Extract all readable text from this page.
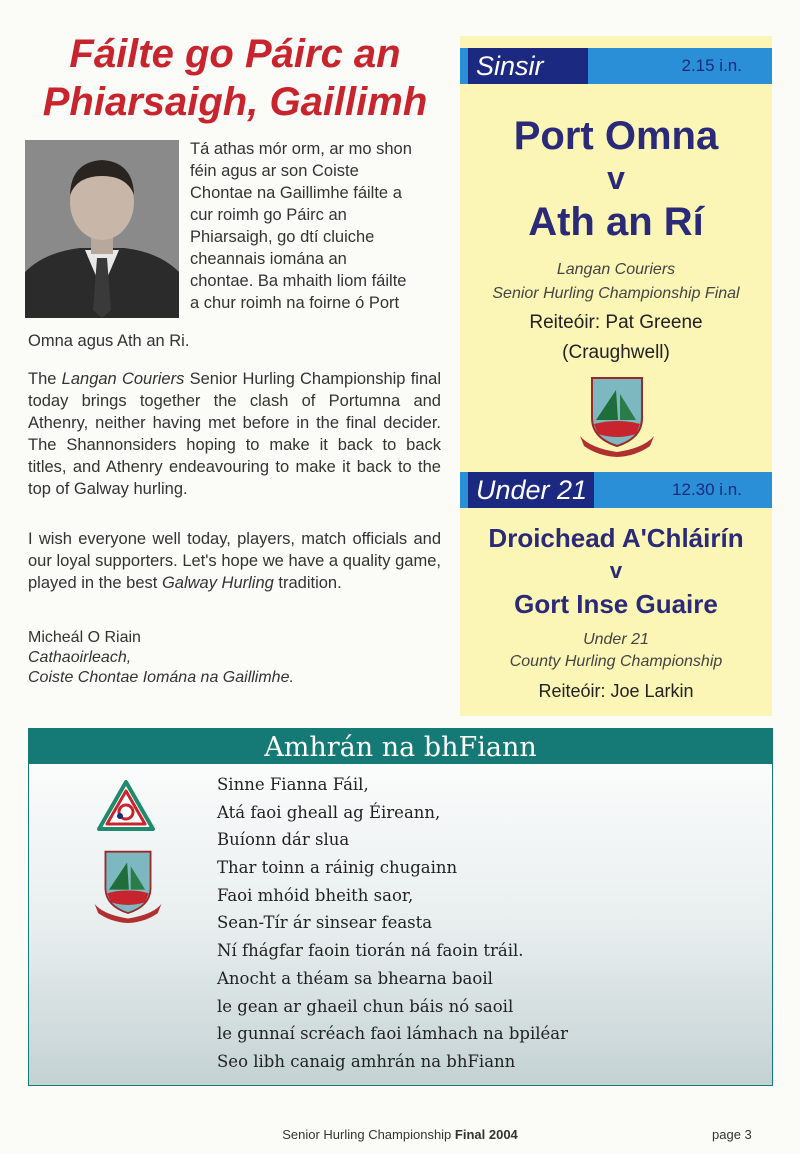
Fáilte go Páirc an
Phiarsaigh, Gaillimh
Tá athas mór orm, ar mo shon
féin agus ar son Coiste
Chontae na Gaillimhe fáilte a
cur roimh go Páirc an
Phiarsaigh, go dtí cluiche
cheannais iomána an
chontae. Ba mhaith liom fáilte
a chur roimh na foirne ó Port
Omna agus Ath an Ri.
The Langan Couriers Senior Hurling Championship final today brings together the clash of Portumna and Athenry, neither having met before in the final decider. The Shannonsiders hoping to make it back to back titles, and Athenry endeavouring to make it back to the top of Galway hurling.
I wish everyone well today, players, match officials and our loyal supporters. Let's hope we have a quality game, played in the best Galway Hurling tradition.
Micheál O Riain
Cathaoirleach,
Coiste Chontae Iomána na Gaillimhe.
Sinsir	2.15 i.n.
Port Omna
v
Ath an Rí
Langan Couriers
Senior Hurling Championship Final
Reiteóir: Pat Greene
(Craughwell)
Under 21	12.30 i.n.
Droichead A'Chláirín
v
Gort Inse Guaire
Under 21
County Hurling Championship
Reiteóir: Joe Larkin
Amhrán na bhFiann
Sinne Fianna Fáil,
Atá faoi gheall ag Éireann,
Buíonn dár slua
Thar toinn a ráinig chugainn
Faoi mhóid bheith saor,
Sean-Tír ár sinsear feasta
Ní fhágfar faoin tiorán ná faoin tráil.
Anocht a théam sa bhearna baoil
le gean ar ghaeil chun báis nó saoil
le gunnaí scréach faoi lámhach na bpiléar
Seo libh canaig amhrán na bhFiann
Senior Hurling Championship Final 2004	page 3
